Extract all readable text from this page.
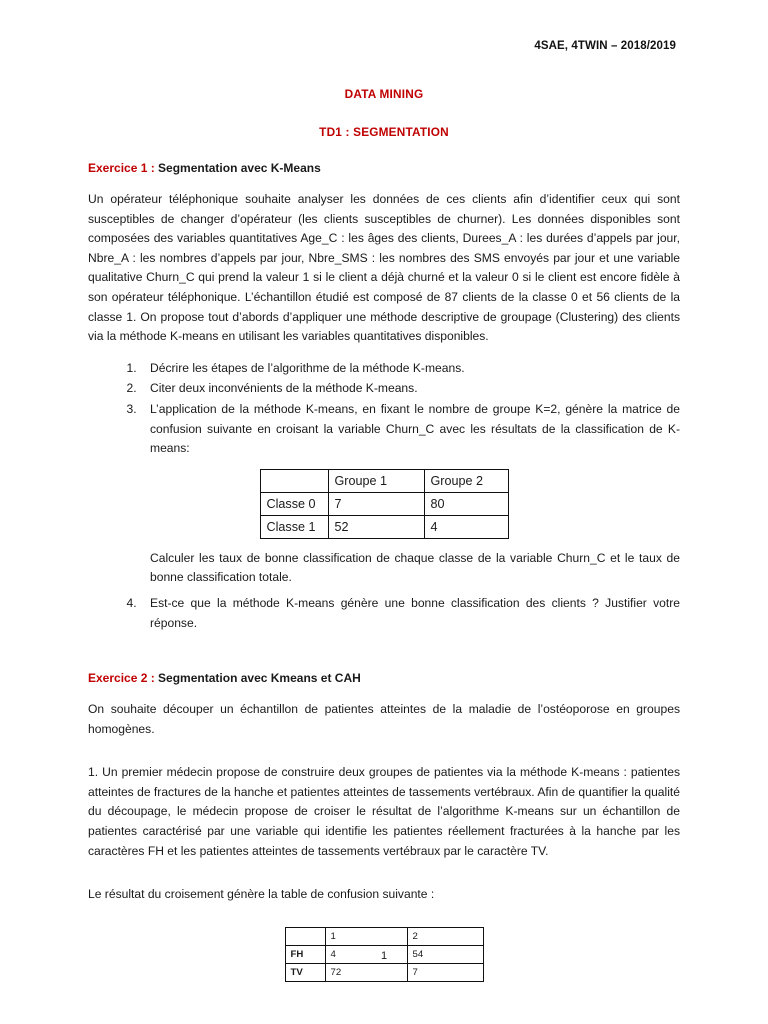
4SAE, 4TWIN – 2018/2019
DATA MINING
TD1 : SEGMENTATION
Exercice 1 : Segmentation avec K-Means

Un opérateur téléphonique souhaite analyser les données de ces clients afin d’identifier ceux qui sont susceptibles de changer d’opérateur (les clients susceptibles de churner). Les données disponibles sont composées des variables quantitatives Age_C : les âges des clients, Durees_A : les durées d’appels par jour, Nbre_A : les nombres d’appels par jour, Nbre_SMS : les nombres des SMS envoyés par jour et une variable qualitative Churn_C qui prend la valeur 1 si le client a déjà churné et la valeur 0 si le client est encore fidèle à son opérateur téléphonique. L’échantillon étudié est composé de 87 clients de la classe 0 et 56 clients de la classe 1. On propose tout d’abords d’appliquer une méthode descriptive de groupage (Clustering) des clients via la méthode K-means en utilisant les variables quantitatives disponibles.

1. Décrire les étapes de l’algorithme de la méthode K-means.
2. Citer deux inconvénients de la méthode K-means.
3. L’application de la méthode K-means, en fixant le nombre de groupe K=2, génère la matrice de confusion suivante en croisant la variable Churn_C avec les résultats de la classification de K-means:
	Groupe 1	Groupe 2
Classe 0	7	80
Classe 1	52	4

Calculer les taux de bonne classification de chaque classe de la variable Churn_C et le taux de bonne classification totale.

4. Est-ce que la méthode K-means génère une bonne classification des clients ? Justifier votre réponse.
Exercice 2 : Segmentation avec Kmeans et CAH

On souhaite découper un échantillon de patientes atteintes de la maladie de l’ostéoporose en groupes homogènes.

1. Un premier médecin propose de construire deux groupes de patientes via la méthode K-means : patientes atteintes de fractures de la hanche et patientes atteintes de tassements vertébraux. Afin de quantifier la qualité du découpage, le médecin propose de croiser le résultat de l’algorithme K-means sur un échantillon de patientes caractérisé par une variable qui identifie les patientes réellement fracturées à la hanche par les caractères FH et les patientes atteintes de tassements vertébraux par le caractère TV.

Le résultat du croisement génère la table de confusion suivante :

	1	2
FH	4	54
TV	72	7
1
